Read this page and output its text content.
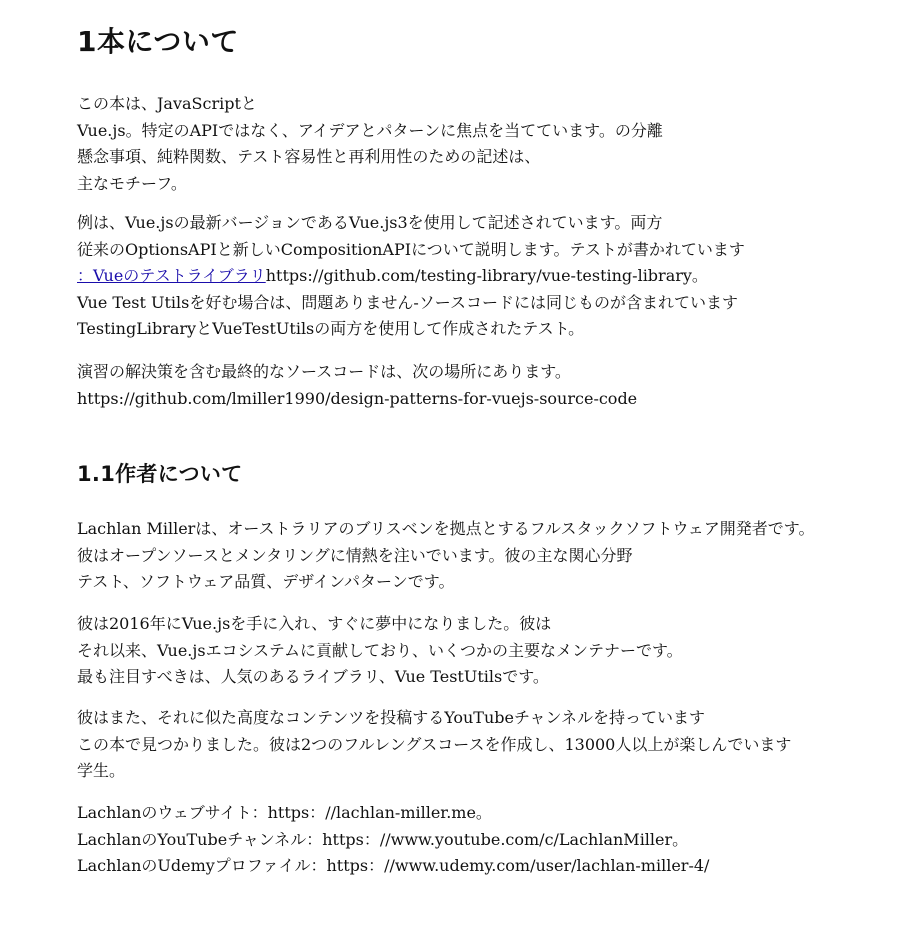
1本について

この本は、JavaScriptと
Vue.js。特定のAPIではなく、アイデアとパターンに焦点を当てています。の分離
懸念事項、純粋関数、テスト容易性と再利用性のための記述は、
主なモチーフ。

例は、Vue.jsの最新バージョンであるVue.js3を使用して記述されています。両方
従来のOptionsAPIと新しいCompositionAPIについて説明します。テストが書かれています
：Vueのテストライブラリhttps://github.com/testing-library/vue-testing-library。
Vue Test Utilsを好む場合は、問題ありません-ソースコードには同じものが含まれています
TestingLibraryとVueTestUtilsの両方を使用して作成されたテスト。

演習の解決策を含む最終的なソースコードは、次の場所にあります。
https://github.com/lmiller1990/design-patterns-for-vuejs-source-code

1.1作者について

Lachlan Millerは、オーストラリアのブリスベンを拠点とするフルスタックソフトウェア開発者です。
彼はオープンソースとメンタリングに情熱を注いでいます。彼の主な関心分野
テスト、ソフトウェア品質、デザインパターンです。

彼は2016年にVue.jsを手に入れ、すぐに夢中になりました。彼は
それ以来、Vue.jsエコシステムに貢献しており、いくつかの主要なメンテナーです。
最も注目すべきは、人気のあるライブラリ、Vue TestUtilsです。

彼はまた、それに似た高度なコンテンツを投稿するYouTubeチャンネルを持っています
この本で見つかりました。彼は2つのフルレングスコースを作成し、13000人以上が楽しんでいます
学生。

Lachlanのウェブサイト：https：//lachlan-miller.me。
LachlanのYouTubeチャンネル：https：//www.youtube.com/c/LachlanMiller。
LachlanのUdemyプロファイル：https：//www.udemy.com/user/lachlan-miller-4/
